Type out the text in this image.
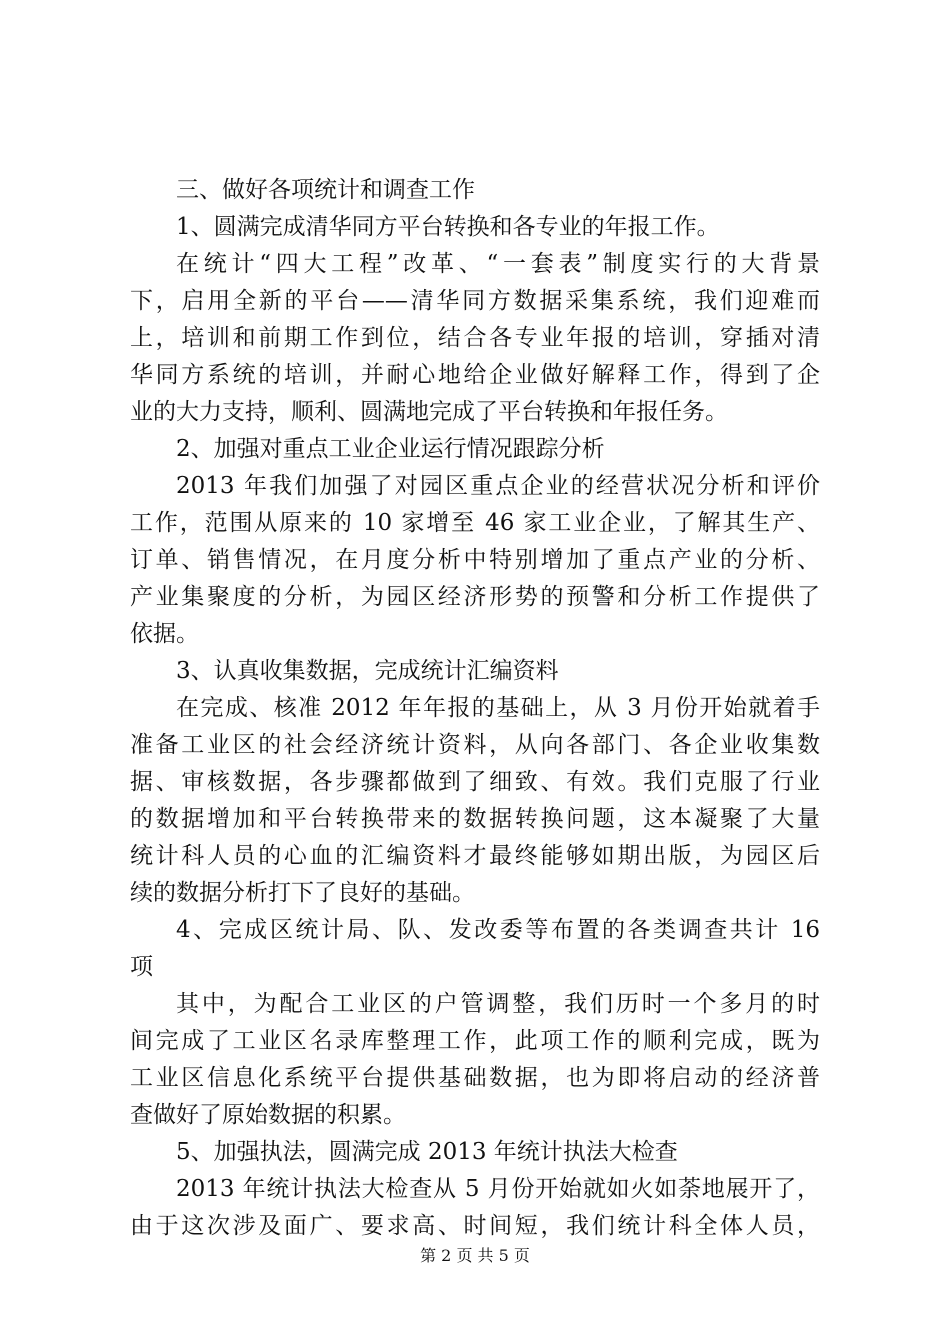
三、做好各项统计和调查工作
1、圆满完成清华同方平台转换和各专业的年报工作。
在统计“四大工程”改革、“一套表”制度实行的大背景
下，启用全新的平台——清华同方数据采集系统，我们迎难而
上，培训和前期工作到位，结合各专业年报的培训，穿插对清
华同方系统的培训，并耐心地给企业做好解释工作，得到了企
业的大力支持，顺利、圆满地完成了平台转换和年报任务。
2、加强对重点工业企业运行情况跟踪分析
2013 年我们加强了对园区重点企业的经营状况分析和评价
工作，范围从原来的 10 家增至 46 家工业企业，了解其生产、
订单、销售情况，在月度分析中特别增加了重点产业的分析、
产业集聚度的分析，为园区经济形势的预警和分析工作提供了
依据。
3、认真收集数据，完成统计汇编资料
在完成、核准 2012 年年报的基础上，从 3 月份开始就着手
准备工业区的社会经济统计资料，从向各部门、各企业收集数
据、审核数据，各步骤都做到了细致、有效。我们克服了行业
的数据增加和平台转换带来的数据转换问题，这本凝聚了大量
统计科人员的心血的汇编资料才最终能够如期出版，为园区后
续的数据分析打下了良好的基础。
4、完成区统计局、队、发改委等布置的各类调查共计 16
项
其中，为配合工业区的户管调整，我们历时一个多月的时
间完成了工业区名录库整理工作，此项工作的顺利完成，既为
工业区信息化系统平台提供基础数据，也为即将启动的经济普
查做好了原始数据的积累。
5、加强执法，圆满完成 2013 年统计执法大检查
2013 年统计执法大检查从 5 月份开始就如火如荼地展开了，
由于这次涉及面广、要求高、时间短，我们统计科全体人员，
第 2 页 共 5 页
